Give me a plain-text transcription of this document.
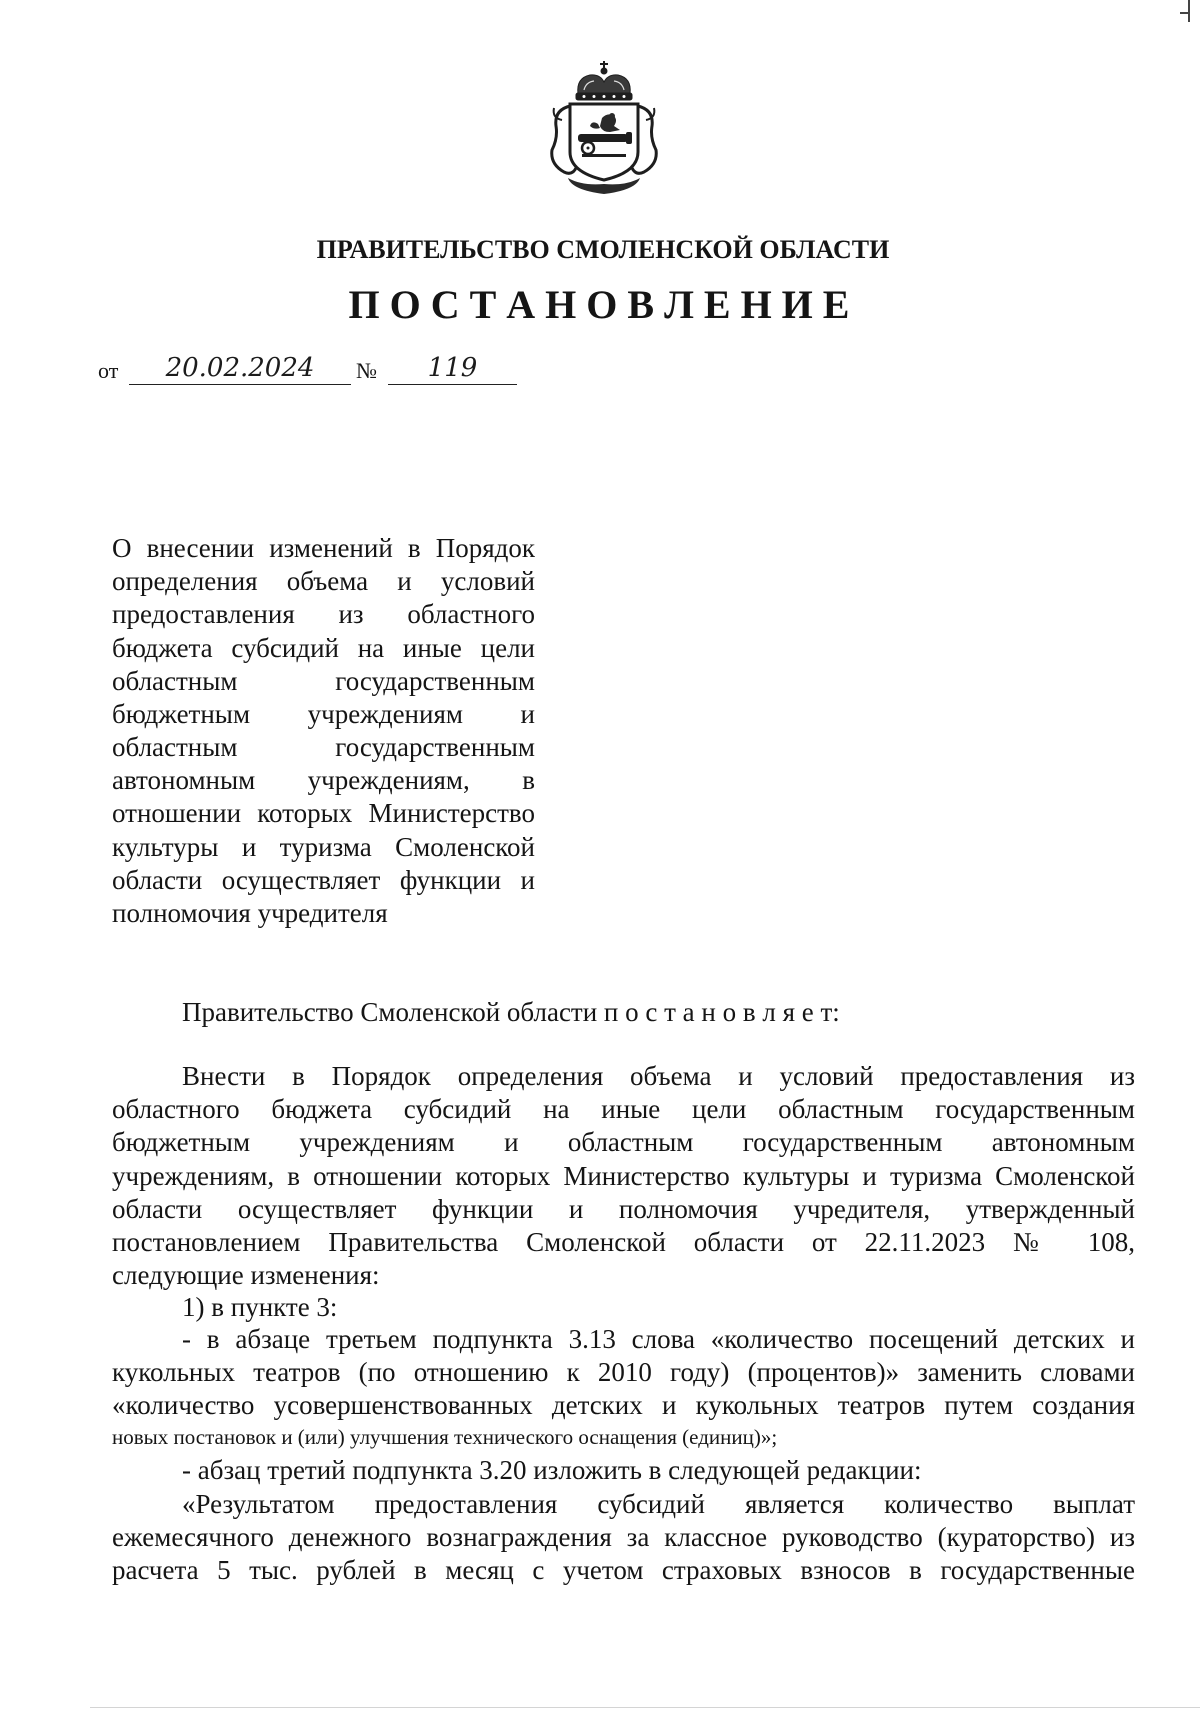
ПРАВИТЕЛЬСТВО СМОЛЕНСКОЙ ОБЛАСТИ
П О С Т А Н О В Л Е Н И Е
от	20.02.2024	№	119
О внесении изменений в Порядок
определения объема и условий
предоставления из областного
бюджета субсидий на иные цели
областным государственным
бюджетным учреждениям и
областным государственным
автономным учреждениям, в
отношении которых Министерство
культуры и туризма Смоленской
области осуществляет функции и
полномочия учредителя
Правительство Смоленской области п о с т а н о в л я е т:
Внести в Порядок определения объема и условий предоставления из
областного бюджета субсидий на иные цели областным государственным
бюджетным учреждениям и областным государственным автономным
учреждениям, в отношении которых Министерство культуры и туризма Смоленской
области осуществляет функции и полномочия учредителя, утвержденный
постановлением Правительства Смоленской области от 22.11.2023 № 108,
следующие изменения:
1) в пункте 3:
- в абзаце третьем подпункта 3.13 слова «количество посещений детских и
кукольных театров (по отношению к 2010 году) (процентов)» заменить словами
«количество усовершенствованных детских и кукольных театров путем создания
новых постановок и (или) улучшения технического оснащения (единиц)»;
- абзац третий подпункта 3.20 изложить в следующей редакции:
«Результатом предоставления субсидий является количество выплат
ежемесячного денежного вознаграждения за классное руководство (кураторство) из
расчета 5 тыс. рублей в месяц с учетом страховых взносов в государственные
